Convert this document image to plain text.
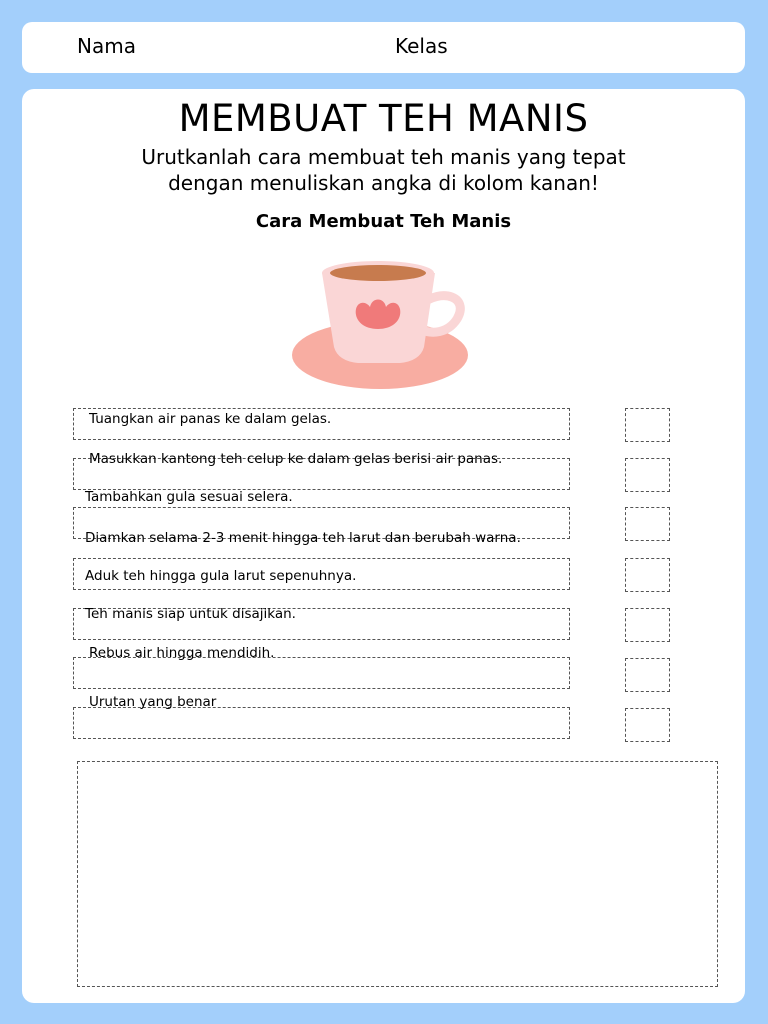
Nama	Kelas
MEMBUAT TEH MANIS
Urutkanlah cara membuat teh manis yang tepat
dengan menuliskan angka di kolom kanan!
Cara Membuat Teh Manis
Tuangkan air panas ke dalam gelas.
Masukkan kantong teh celup ke dalam gelas berisi air panas.
Tambahkan gula sesuai selera.
Diamkan selama 2-3 menit hingga teh larut dan berubah warna.
Aduk teh hingga gula larut sepenuhnya.
Teh manis siap untuk disajikan.
Rebus air hingga mendidih.
Urutan yang benar
